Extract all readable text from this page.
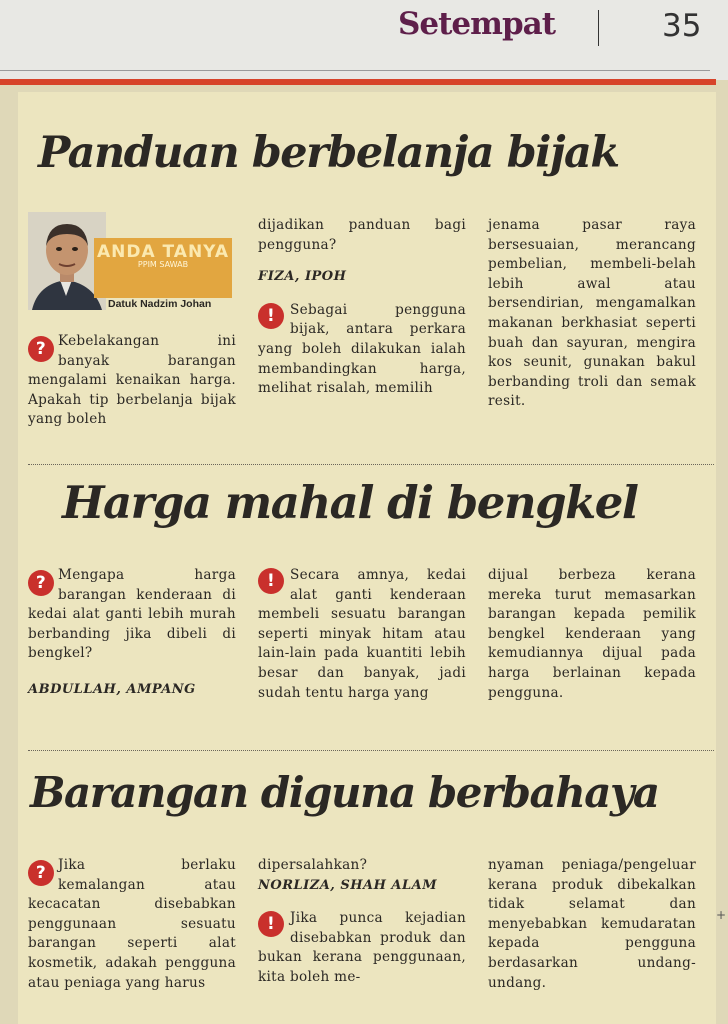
Setempat	35
Panduan berbelanja bijak
ANDA TANYA
PPIM SAWAB
Datuk Nadzim Johan

? Kebelakangan ini banyak barangan mengalami kenaikan harga. Apakah tip berbelanja bijak yang boleh

dijadikan panduan bagi pengguna?

FIZA, IPOH

!	Sebagai pengguna bijak, antara perkara yang boleh dilakukan ialah membandingkan harga, melihat risalah, memilih

jenama pasar raya bersesuaian, merancang pembelian, membeli-belah lebih awal atau bersendirian, mengamalkan makanan berkhasiat seperti buah dan sayuran, mengira kos seunit, gunakan bakul berbanding troli dan semak resit.

Harga mahal di bengkel

? Mengapa harga barangan kenderaan di kedai alat ganti lebih murah berbanding jika dibeli di bengkel?

ABDULLAH, AMPANG

!	Secara amnya, kedai alat ganti kenderaan membeli sesuatu barangan seperti minyak hitam atau lain-lain pada kuantiti lebih besar dan banyak, jadi sudah tentu harga yang

dijual berbeza kerana mereka turut memasarkan barangan kepada pemilik bengkel kenderaan yang kemudiannya dijual pada harga berlainan kepada pengguna.

Barangan diguna berbahaya

? Jika berlaku kemalangan atau kecacatan disebabkan penggunaan sesuatu barangan seperti alat kosmetik, adakah pengguna atau peniaga yang harus

dipersalahkan?

NORLIZA, SHAH ALAM

!	Jika punca kejadian disebabkan produk dan bukan kerana penggunaan, kita boleh me-

nyaman peniaga/pengeluar kerana produk dibekalkan tidak selamat dan menyebabkan kemudaratan kepada pengguna berdasarkan undang-undang.

+
